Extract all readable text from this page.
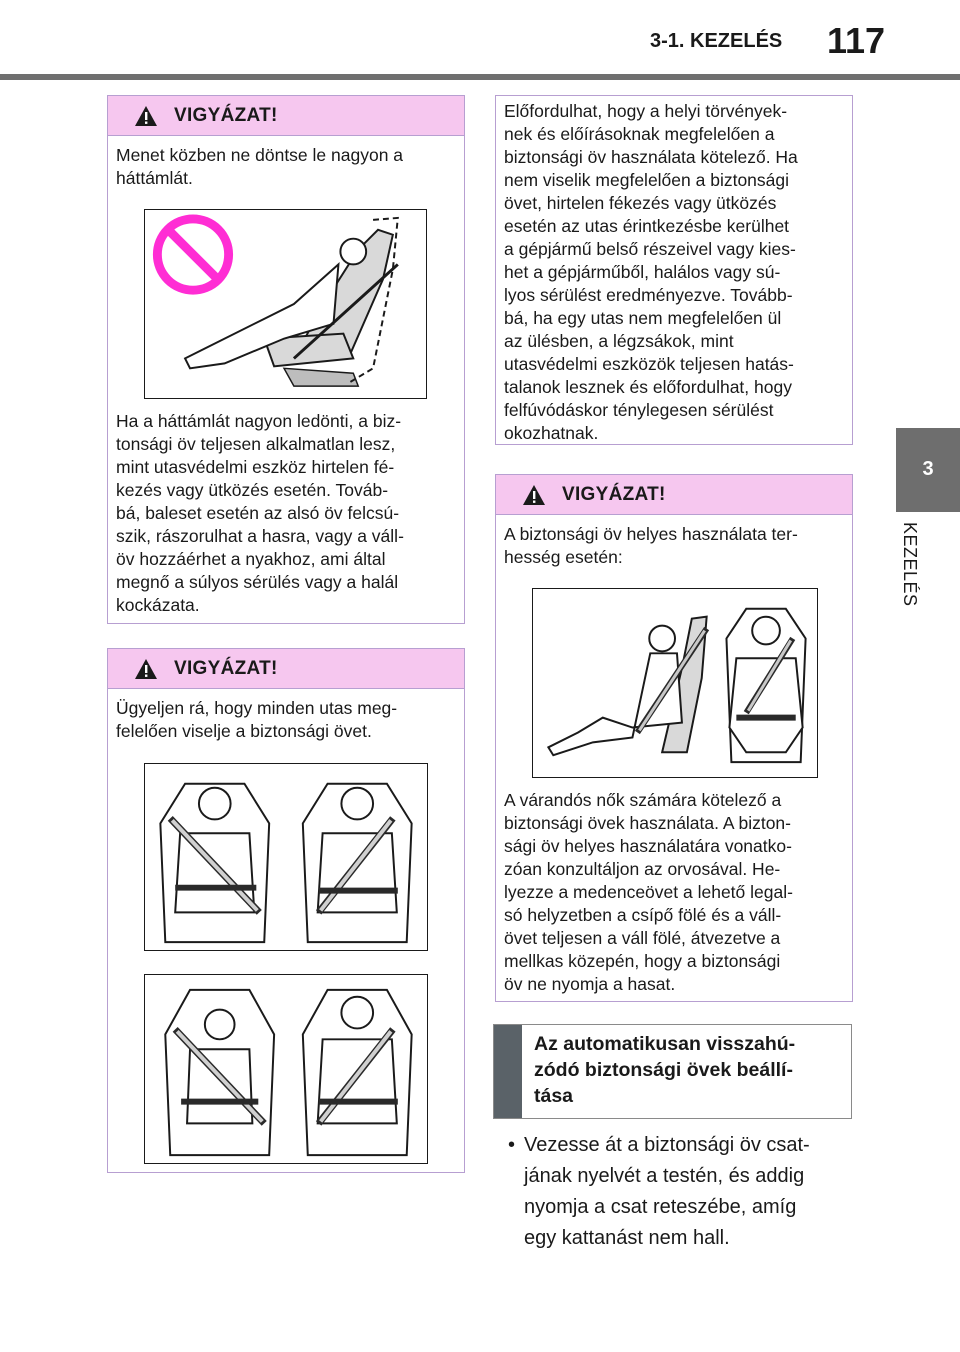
3-1. KEZELÉS 117
3
KEZELÉS
VIGYÁZAT!
Menet közben ne döntse le nagyon a
háttámlát.
Ha a háttámlát nagyon ledönti, a biz-
tonsági öv teljesen alkalmatlan lesz,
mint utasvédelmi eszköz hirtelen fé-
kezés vagy ütközés esetén. Továb-
bá, baleset esetén az alsó öv felcsú-
szik, rászorulhat a hasra, vagy a váll-
öv hozzáérhet a nyakhoz, ami által
megnő a súlyos sérülés vagy a halál
kockázata.
VIGYÁZAT!
Ügyeljen rá, hogy minden utas meg-
felelően viselje a biztonsági övet.
Előfordulhat, hogy a helyi törvények-
nek és előírásoknak megfelelően a
biztonsági öv használata kötelező. Ha
nem viselik megfelelően a biztonsági
övet, hirtelen fékezés vagy ütközés
esetén az utas érintkezésbe kerülhet
a gépjármű belső részeivel vagy kies-
het a gépjárműből, halálos vagy sú-
lyos sérülést eredményezve. Tovább-
bá, ha egy utas nem megfelelően ül
az ülésben, a légzsákok, mint
utasvédelmi eszközök teljesen hatás-
talanok lesznek és előfordulhat, hogy
felfúvódáskor ténylegesen sérülést
okozhatnak.
VIGYÁZAT!
A biztonsági öv helyes használata ter-
hesség esetén:
A várandós nők számára kötelező a
biztonsági övek használata. A bizton-
sági öv helyes használatára vonatko-
zóan konzultáljon az orvosával. He-
lyezze a medenceövet a lehető legal-
só helyzetben a csípő fölé és a váll-
övet teljesen a váll fölé, átvezetve a
mellkas közepén, hogy a biztonsági
öv ne nyomja a hasat.
Az automatikusan visszahú-
zódó biztonsági övek beállí-
tása
• Vezesse át a biztonsági öv csat-
jának nyelvét a testén, és addig
nyomja a csat reteszébe, amíg
egy kattanást nem hall.
